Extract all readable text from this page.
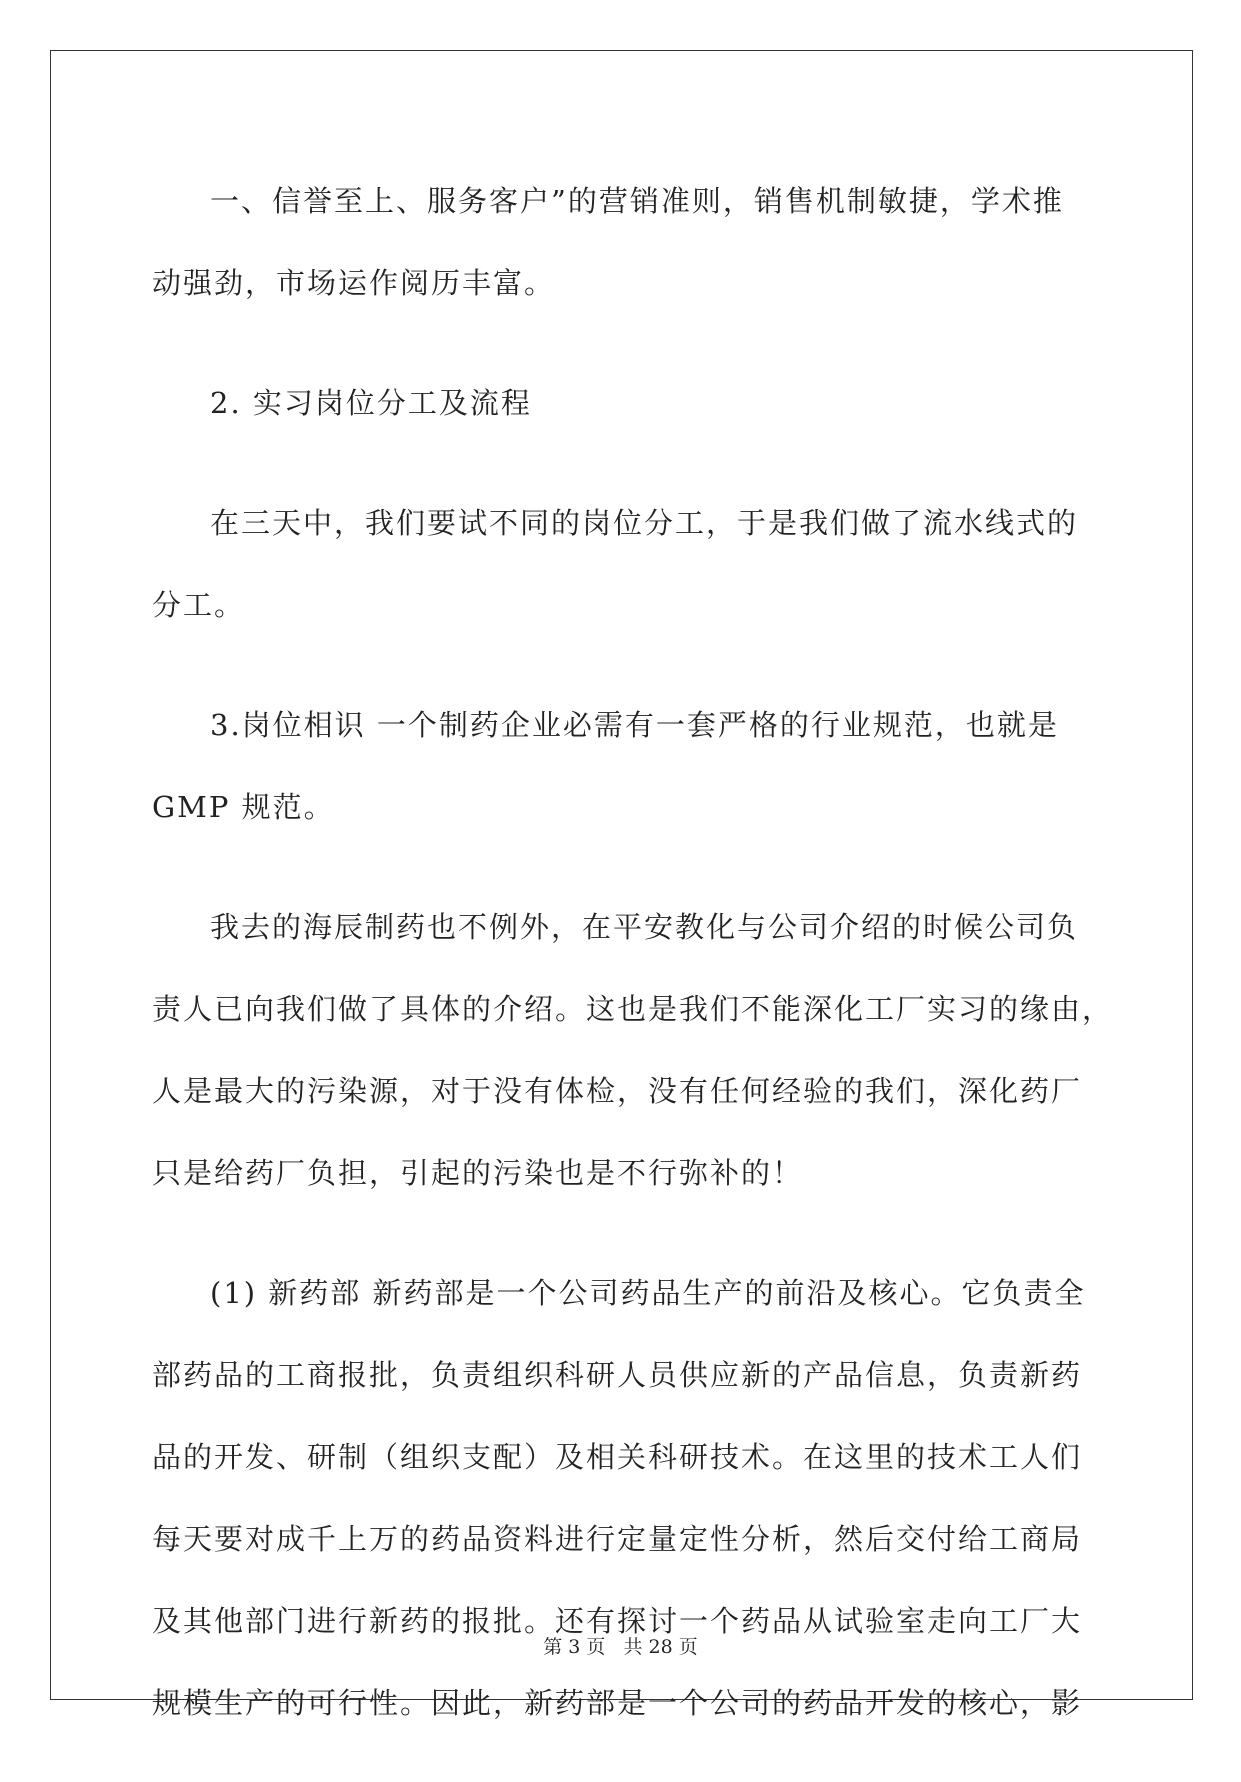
一、信誉至上、服务客户”的营销准则，销售机制敏捷，学术推
动强劲，市场运作阅历丰富。
2. 实习岗位分工及流程
在三天中，我们要试不同的岗位分工，于是我们做了流水线式的
分工。
3.岗位相识 一个制药企业必需有一套严格的行业规范，也就是
GMP 规范。
我去的海辰制药也不例外，在平安教化与公司介绍的时候公司负
责人已向我们做了具体的介绍。这也是我们不能深化工厂实习的缘由，
人是最大的污染源，对于没有体检，没有任何经验的我们，深化药厂
只是给药厂负担，引起的污染也是不行弥补的！
(1) 新药部 新药部是一个公司药品生产的前沿及核心。它负责全
部药品的工商报批，负责组织科研人员供应新的产品信息，负责新药
品的开发、研制（组织支配）及相关科研技术。在这里的技术工人们
每天要对成千上万的药品资料进行定量定性分析，然后交付给工商局
及其他部门进行新药的报批。还有探讨一个药品从试验室走向工厂大
规模生产的可行性。因此，新药部是一个公司的药品开发的核心，影
第 3 页 共 28 页
